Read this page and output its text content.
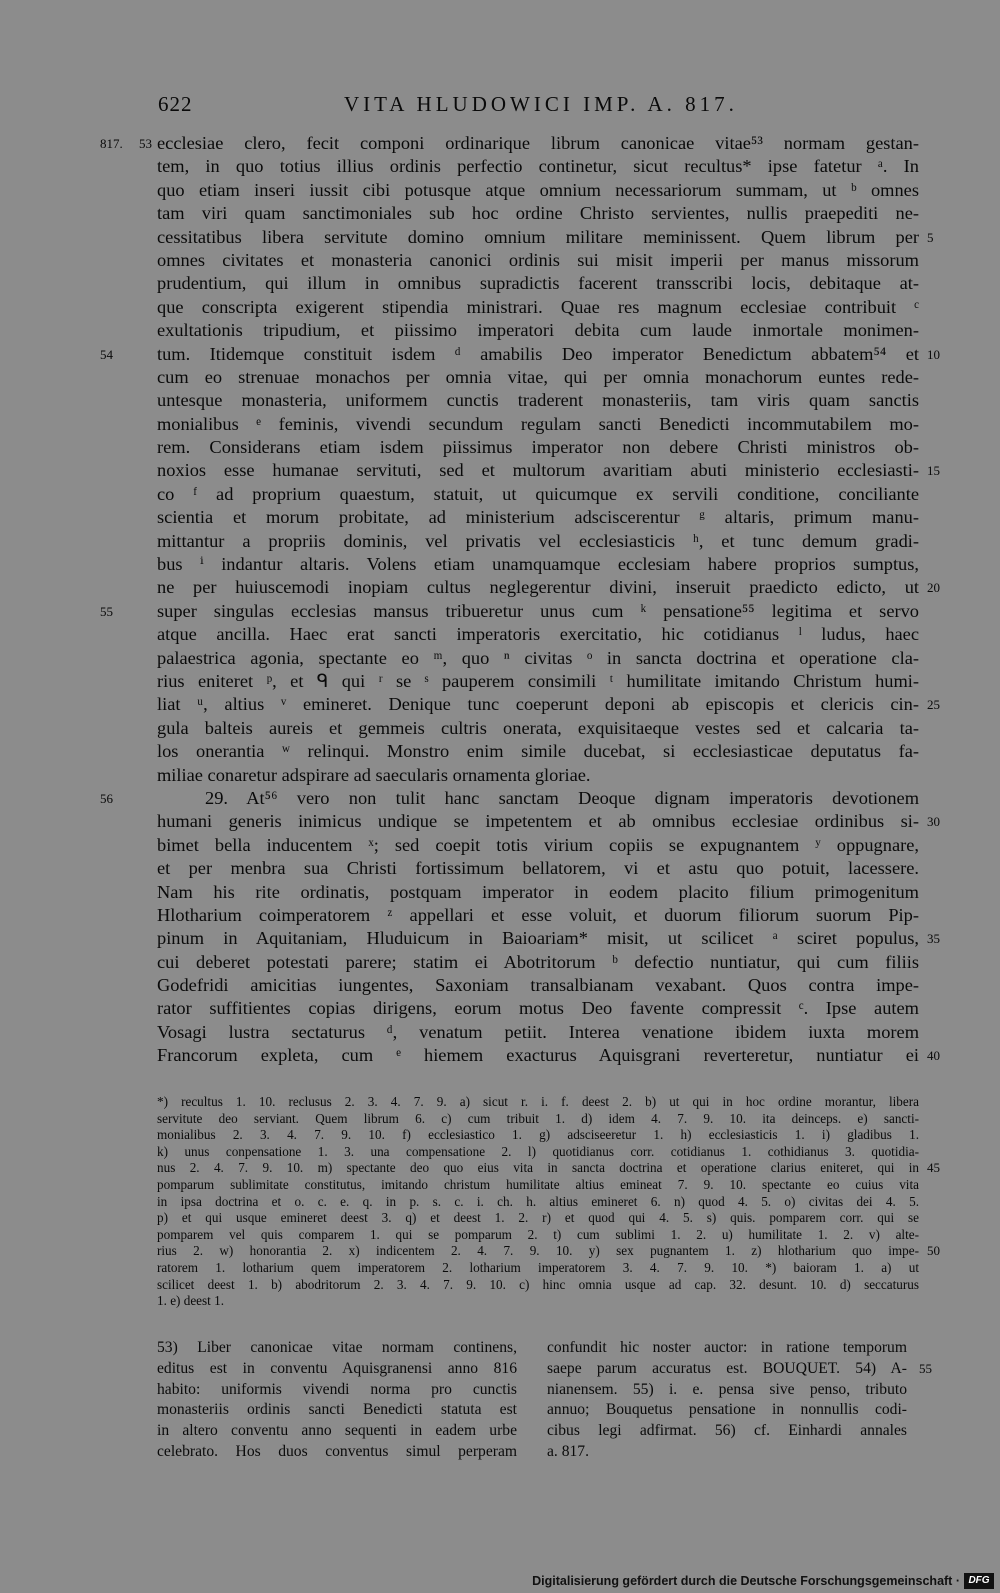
622	VITA HLUDOWICI IMP. A. 817.
ecclesiae clero, fecit componi ordinarique librum canonicae vitae⁵³ normam gestan-
817. 53
tem, in quo totius illius ordinis perfectio continetur, sicut recultus* ipse fatetur ᵃ. In
quo etiam inseri iussit cibi potusque atque omnium necessariorum summam, ut ᵇ omnes
tam viri quam sanctimoniales sub hoc ordine Christo servientes, nullis praepediti ne-
cessitatibus libera servitute domino omnium militare meminissent. Quem librum per 5
omnes civitates et monasteria canonici ordinis sui misit imperii per manus missorum
prudentium, qui illum in omnibus supradictis facerent transscribi locis, debitaque at-
que conscripta exigerent stipendia ministrari. Quae res magnum ecclesiae contribuit ᶜ
exultationis tripudium, et piissimo imperatori debita cum laude inmortale monimen-
tum. Itidemque constituit isdem ᵈ amabilis Deo imperator Benedictum abbatem⁵⁴ et
54	10
cum eo strenuae monachos per omnia vitae, qui per omnia monachorum euntes rede-
untesque monasteria, uniformem cunctis traderent monasteriis, tam viris quam sanctis
monialibus ᵉ feminis, vivendi secundum regulam sancti Benedicti incommutabilem mo-
rem. Considerans etiam isdem piissimus imperator non debere Christi ministros ob-
noxios esse humanae servituti, sed et multorum avaritiam abuti ministerio ecclesiasti- 15
co ᶠ ad proprium quaestum, statuit, ut quicumque ex servili conditione, conciliante
scientia et morum probitate, ad ministerium adsciscerentur ᵍ altaris, primum manu-
mittantur a propriis dominis, vel privatis vel ecclesiasticis ʰ, et tunc demum gradi-
bus ⁱ indantur altaris. Volens etiam unamquamque ecclesiam habere proprios sumptus,
ne per huiuscemodi inopiam cultus neglegerentur divini, inseruit praedicto edicto, ut 20
super singulas ecclesias mansus tribueretur unus cum ᵏ pensatione⁵⁵ legitima et servo
55
atque ancilla. Haec erat sancti imperatoris exercitatio, hic cotidianus ˡ ludus, haec
palaestrica agonia, spectante eo ᵐ, quo ⁿ civitas ᵒ in sancta doctrina et operatione cla-
rius eniteret ᵖ, et ᑫ qui ʳ se ˢ pauperem consimili ᵗ humilitate imitando Christum humi-
liat ᵘ, altius ᵛ emineret. Denique tunc coeperunt deponi ab episcopis et clericis cin- 25
gula balteis aureis et gemmeis cultris onerata, exquisitaeque vestes sed et calcaria ta-
los onerantia ʷ relinqui. Monstro enim simile ducebat, si ecclesiasticae deputatus fa-
miliae conaretur adspirare ad saecularis ornamenta gloriae.
29. At⁵⁶ vero non tulit hanc sanctam Deoque dignam imperatoris devotionem
56
humani generis inimicus undique se impetentem et ab omnibus ecclesiae ordinibus si- 30
bimet bella inducentem ˣ; sed coepit totis virium copiis se expugnantem ʸ oppugnare,
et per menbra sua Christi fortissimum bellatorem, vi et astu quo potuit, lacessere.
Nam his rite ordinatis, postquam imperator in eodem placito filium primogenitum
Hlotharium coimperatorem ᶻ appellari et esse voluit, et duorum filiorum suorum Pip-
pinum in Aquitaniam, Hluduicum in Baioariam* misit, ut scilicet ᵃ sciret populus, 35
cui deberet potestati parere; statim ei Abotritorum ᵇ defectio nuntiatur, qui cum filiis
Godefridi amicitias iungentes, Saxoniam transalbianam vexabant. Quos contra impe-
rator suffitientes copias dirigens, eorum motus Deo favente compressit ᶜ. Ipse autem
Vosagi lustra sectaturus ᵈ, venatum petiit. Interea venatione ibidem iuxta morem
Francorum expleta, cum ᵉ hiemem exacturus Aquisgrani reverteretur, nuntiatur ei 40
*) recultus 1. 10. reclusus 2. 3. 4. 7. 9. a) sicut r. i. f. deest 2. b) ut qui in hoc ordine morantur, libera
servitute deo serviant. Quem librum 6. c) cum tribuit 1. d) idem 4. 7. 9. 10. ita deinceps. e) sancti-
monialibus 2. 3. 4. 7. 9. 10. f) ecclesiastico 1. g) adsciseeretur 1. h) ecclesiasticis 1. i) gladibus 1.
k) unus conpensatione 1. 3. una compensatione 2. l) quotidianus corr. cotidianus 1. cothidianus 3. quotidia-
nus 2. 4. 7. 9. 10. m) spectante deo quo eius vita in sancta doctrina et operatione clarius eniteret, qui in 45
pomparum sublimitate constitutus, imitando christum humilitate altius emineat 7. 9. 10. spectante eo cuius vita
in ipsa doctrina et o. c. e. q. in p. s. c. i. ch. h. altius emineret 6. n) quod 4. 5. o) civitas dei 4. 5.
p) et qui usque emineret deest 3. q) et deest 1. 2. r) et quod qui 4. 5. s) quis. pomparem corr. qui se
pomparem vel quis comparem 1. qui se pomparum 2. t) cum sublimi 1. 2. u) humilitate 1. 2. v) alte-
rius 2. w) honorantia 2. x) indicentem 2. 4. 7. 9. 10. y) sex pugnantem 1. z) hlotharium quo impe- 50
ratorem 1. lotharium quem imperatorem 2. lotharium imperatorem 3. 4. 7. 9. 10. *) baioram 1. a) ut
scilicet deest 1. b) abodritorum 2. 3. 4. 7. 9. 10. c) hinc omnia usque ad cap. 32. desunt. 10. d) seccaturus
1. e) deest 1.
53) Liber canonicae vitae normam continens,
editus est in conventu Aquisgranensi anno 816
habito: uniformis vivendi norma pro cunctis
monasteriis ordinis sancti Benedicti statuta est
in altero conventu anno sequenti in eadem urbe
celebrato. Hos duos conventus simul perperam
confundit hic noster auctor: in ratione temporum
saepe parum accuratus est. BOUQUET. 54) A- 55
nianensem. 55) i. e. pensa sive penso, tributo
annuo; Bouquetus pensatione in nonnullis codi-
cibus legi adfirmat. 56) cf. Einhardi annales
a. 817.
Digitalisierung gefördert durch die Deutsche Forschungsgemeinschaft · DFG
